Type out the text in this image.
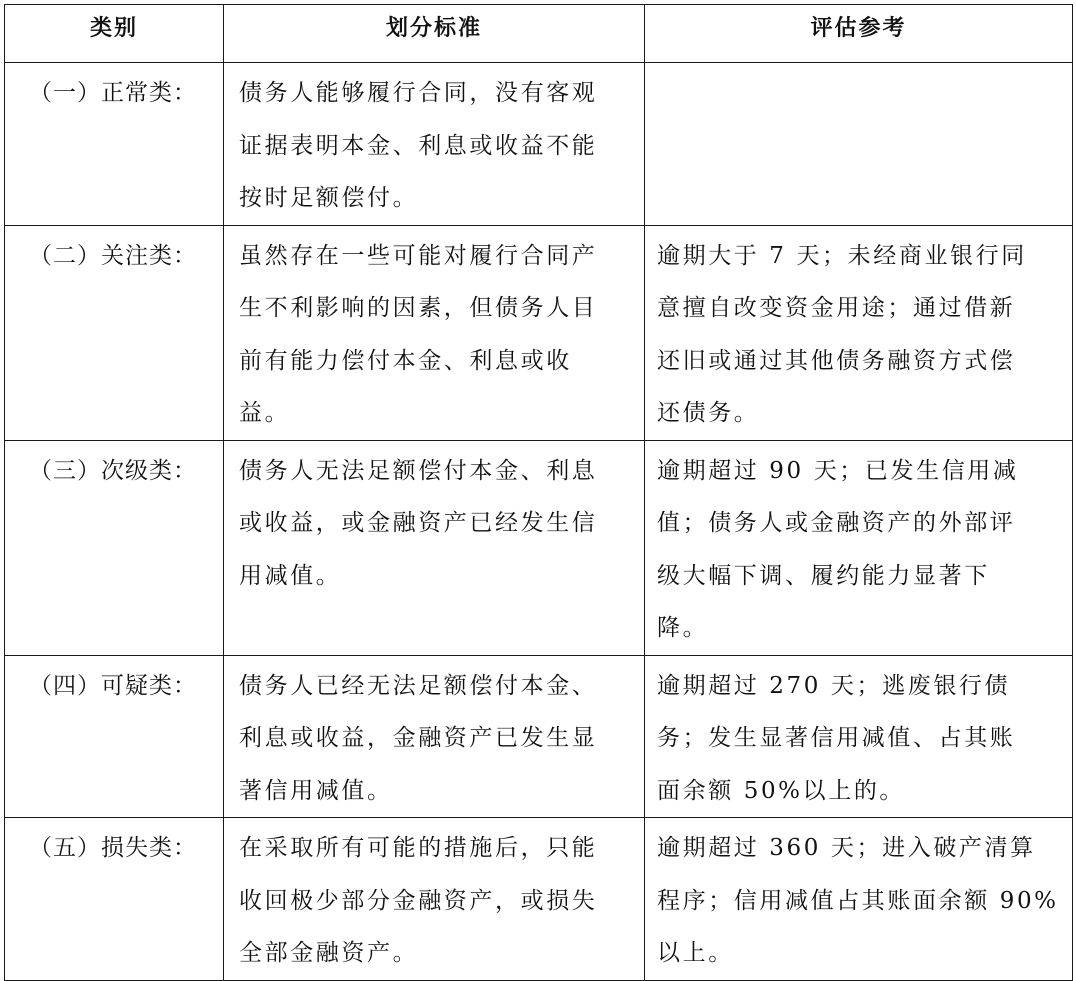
类别	划分标准	评估参考

（一）正常类：	债务人能够履行合同，没有客观
证据表明本金、利息或收益不能
按时足额偿付。	

（二）关注类：	虽然存在一些可能对履行合同产
生不利影响的因素，但债务人目
前有能力偿付本金、利息或收
益。	逾期大于 7 天；未经商业银行同
意擅自改变资金用途；通过借新
还旧或通过其他债务融资方式偿
还债务。

（三）次级类：	债务人无法足额偿付本金、利息
或收益，或金融资产已经发生信
用减值。	逾期超过 90 天；已发生信用减
值；债务人或金融资产的外部评
级大幅下调、履约能力显著下
降。

（四）可疑类：	债务人已经无法足额偿付本金、
利息或收益，金融资产已发生显
著信用减值。	逾期超过 270 天；逃废银行债
务；发生显著信用减值、占其账
面余额 50%以上的。

（五）损失类：	在采取所有可能的措施后，只能
收回极少部分金融资产，或损失
全部金融资产。	逾期超过 360 天；进入破产清算
程序；信用减值占其账面余额 90%
以上。
